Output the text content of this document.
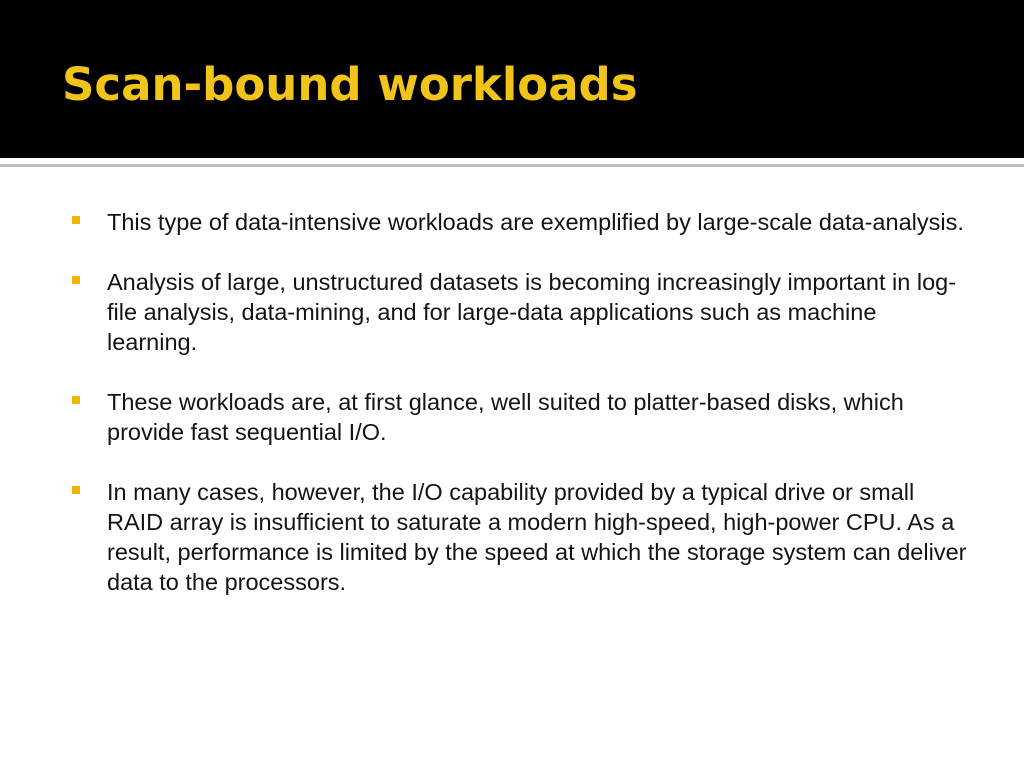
Scan-bound workloads
This type of data-intensive workloads are exemplified by large-scale data-analysis.
Analysis of large, unstructured datasets is becoming increasingly important in log-file analysis, data-mining, and for large-data applications such as machine learning.
These workloads are, at first glance, well suited to platter-based disks, which provide fast sequential I/O.
In many cases, however, the I/O capability provided by a typical drive or small RAID array is insufficient to saturate a modern high-speed, high-power CPU. As a result, performance is limited by the speed at which the storage system can deliver data to the processors.
